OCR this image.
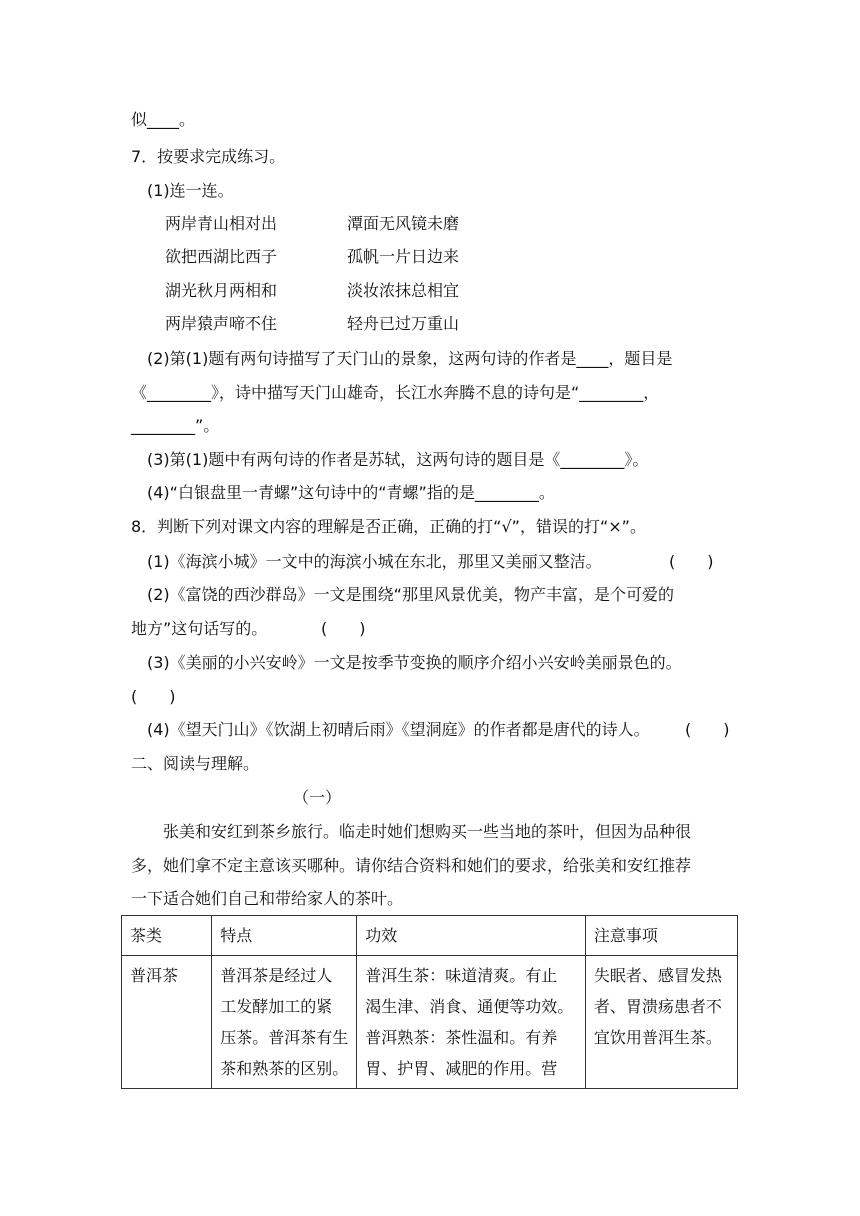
似____。
7．按要求完成练习。
(1)连一连。
两岸青山相对出
欲把西湖比西子
湖光秋月两相和
两岸猿声啼不住
潭面无风镜未磨
孤帆一片日边来
淡妆浓抹总相宜
轻舟已过万重山
(2)第(1)题有两句诗描写了天门山的景象，这两句诗的作者是____，题目是
《________》，诗中描写天门山雄奇，长江水奔腾不息的诗句是“________，
________”。
(3)第(1)题中有两句诗的作者是苏轼，这两句诗的题目是《________》。
(4)“白银盘里一青螺”这句诗中的“青螺”指的是________。
8．判断下列对课文内容的理解是否正确，正确的打“√”，错误的打“×”。
(1)《海滨小城》一文中的海滨小城在东北，那里又美丽又整洁。	(　　)
(2)《富饶的西沙群岛》一文是围绕“那里风景优美，物产丰富，是个可爱的
地方”这句话写的。	(　　)
(3)《美丽的小兴安岭》一文是按季节变换的顺序介绍小兴安岭美丽景色的。
(　　)
(4)《望天门山》《饮湖上初晴后雨》《望洞庭》的作者都是唐代的诗人。 (　　)
二、阅读与理解。
（一）
张美和安红到茶乡旅行。临走时她们想购买一些当地的茶叶，但因为品种很
多，她们拿不定主意该买哪种。请你结合资料和她们的要求，给张美和安红推荐
一下适合她们自己和带给家人的茶叶。
茶类	特点	功效	注意事项
普洱茶	普洱茶是经过人
工发酵加工的紧
压茶。普洱茶有生
茶和熟茶的区别。	普洱生茶：味道清爽。有止
渴生津、消食、通便等功效。
普洱熟茶：茶性温和。有养
胃、护胃、减肥的作用。营	失眠者、感冒发热
者、胃溃疡患者不
宜饮用普洱生茶。
